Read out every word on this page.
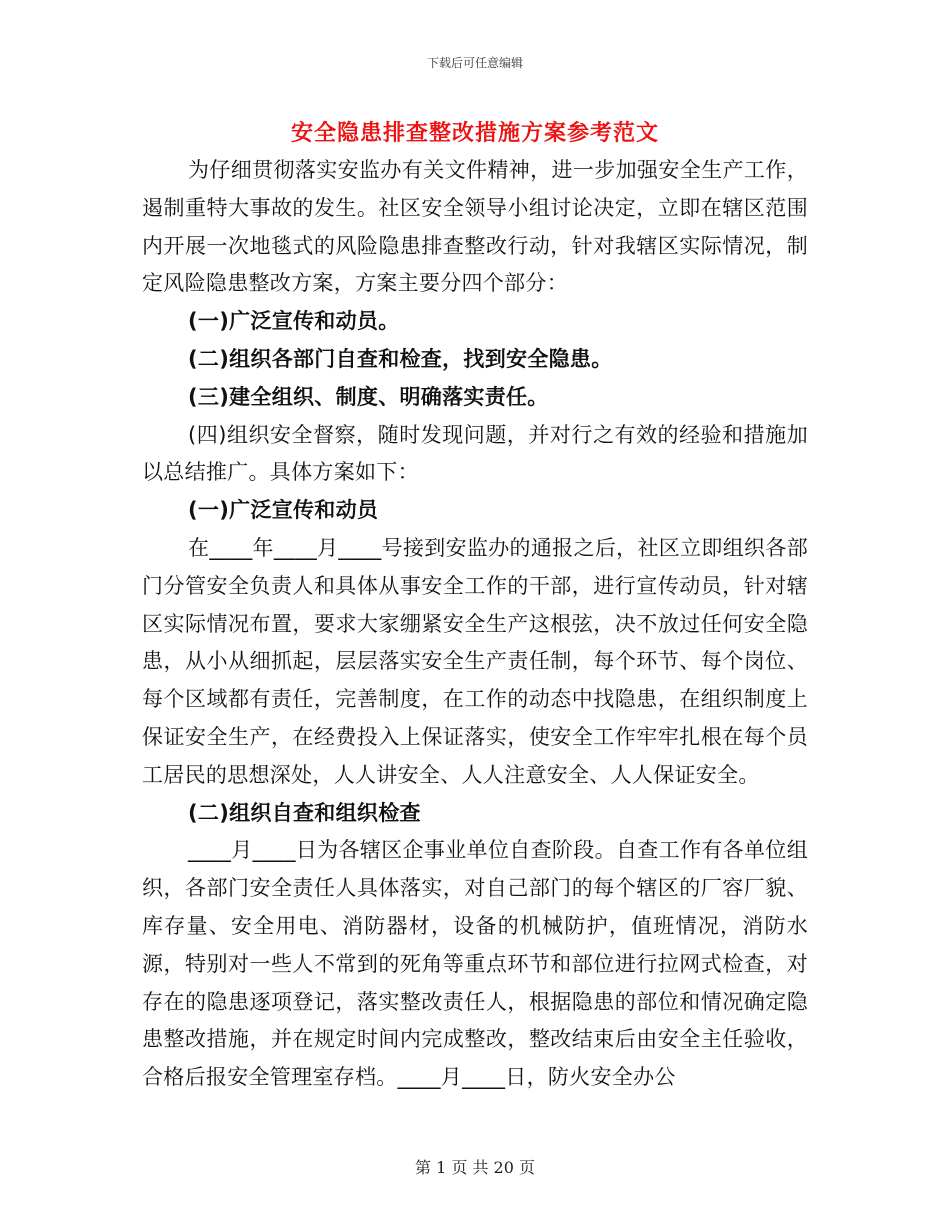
下载后可任意编辑
安全隐患排查整改措施方案参考范文

为仔细贯彻落实安监办有关文件精神，进一步加强安全生产工作，遏制重特大事故的发生。社区安全领导小组讨论决定，立即在辖区范围内开展一次地毯式的风险隐患排查整改行动，针对我辖区实际情况，制定风险隐患整改方案，方案主要分四个部分：

(一)广泛宣传和动员。

(二)组织各部门自查和检查，找到安全隐患。

(三)建全组织、制度、明确落实责任。

(四)组织安全督察，随时发现问题，并对行之有效的经验和措施加以总结推广。具体方案如下：

(一)广泛宣传和动员

在____年____月____号接到安监办的通报之后，社区立即组织各部门分管安全负责人和具体从事安全工作的干部，进行宣传动员，针对辖区实际情况布置，要求大家绷紧安全生产这根弦，决不放过任何安全隐患，从小从细抓起，层层落实安全生产责任制，每个环节、每个岗位、每个区域都有责任，完善制度，在工作的动态中找隐患，在组织制度上保证安全生产，在经费投入上保证落实，使安全工作牢牢扎根在每个员工居民的思想深处，人人讲安全、人人注意安全、人人保证安全。

(二)组织自查和组织检查

____月____日为各辖区企事业单位自查阶段。自查工作有各单位组织，各部门安全责任人具体落实，对自己部门的每个辖区的厂容厂貌、库存量、安全用电、消防器材，设备的机械防护，值班情况，消防水源，特别对一些人不常到的死角等重点环节和部位进行拉网式检查，对存在的隐患逐项登记，落实整改责任人，根据隐患的部位和情况确定隐患整改措施，并在规定时间内完成整改，整改结束后由安全主任验收，合格后报安全管理室存档。____月____日，防火安全办公

第 1 页 共 20 页
